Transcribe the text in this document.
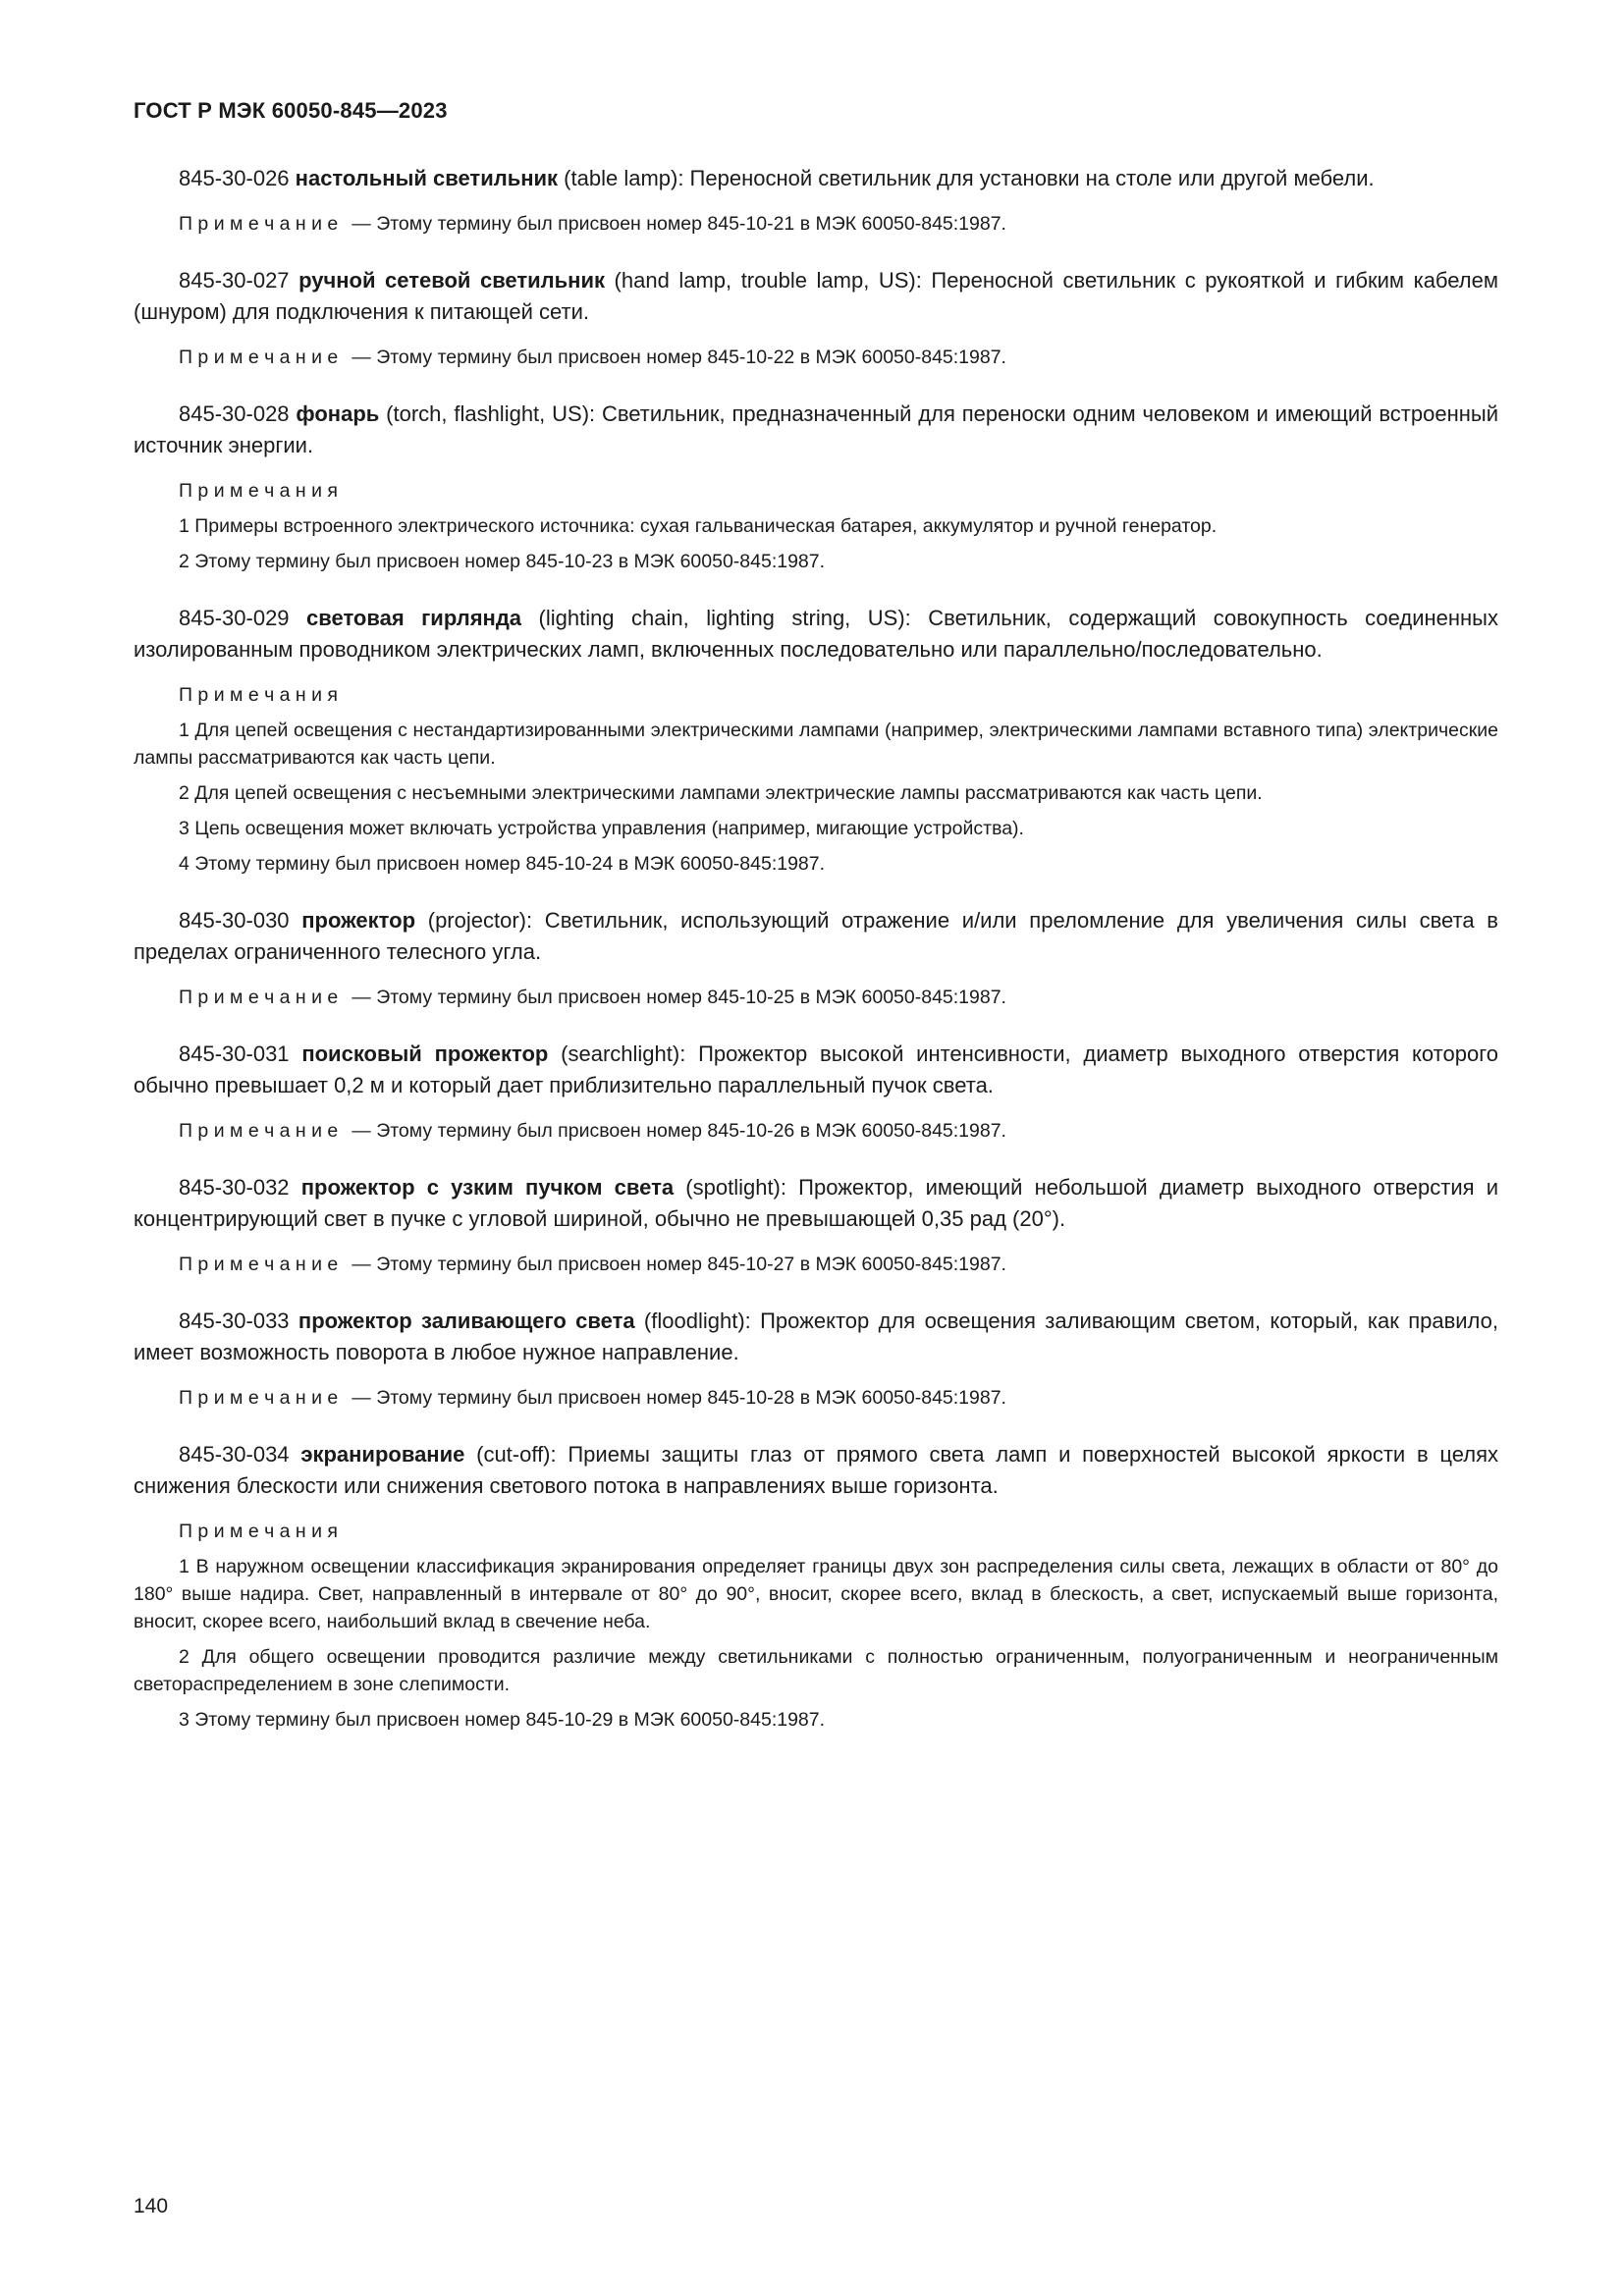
ГОСТ Р МЭК 60050-845—2023

845-30-026 настольный светильник (table lamp): Переносной светильник для установки на столе или другой мебели.

П р и м е ч а н и е — Этому термину был присвоен номер 845-10-21 в МЭК 60050-845:1987.

845-30-027 ручной сетевой светильник (hand lamp, trouble lamp, US): Переносной светильник с рукояткой и гибким кабелем (шнуром) для подключения к питающей сети.

П р и м е ч а н и е — Этому термину был присвоен номер 845-10-22 в МЭК 60050-845:1987.

845-30-028 фонарь (torch, flashlight, US): Светильник, предназначенный для переноски одним человеком и имеющий встроенный источник энергии.

П р и м е ч а н и я

1 Примеры встроенного электрического источника: сухая гальваническая батарея, аккумулятор и ручной генератор.

2 Этому термину был присвоен номер 845-10-23 в МЭК 60050-845:1987.

845-30-029 световая гирлянда (lighting chain, lighting string, US): Светильник, содержащий совокупность соединенных изолированным проводником электрических ламп, включенных последовательно или параллельно/последовательно.

П р и м е ч а н и я

1 Для цепей освещения с нестандартизированными электрическими лампами (например, электрическими лампами вставного типа) электрические лампы рассматриваются как часть цепи.

2 Для цепей освещения с несъемными электрическими лампами электрические лампы рассматриваются как часть цепи.

3 Цепь освещения может включать устройства управления (например, мигающие устройства).

4 Этому термину был присвоен номер 845-10-24 в МЭК 60050-845:1987.

845-30-030 прожектор (projector): Светильник, использующий отражение и/или преломление для увеличения силы света в пределах ограниченного телесного угла.

П р и м е ч а н и е — Этому термину был присвоен номер 845-10-25 в МЭК 60050-845:1987.

845-30-031 поисковый прожектор (searchlight): Прожектор высокой интенсивности, диаметр выходного отверстия которого обычно превышает 0,2 м и который дает приблизительно параллельный пучок света.

П р и м е ч а н и е — Этому термину был присвоен номер 845-10-26 в МЭК 60050-845:1987.

845-30-032 прожектор с узким пучком света (spotlight): Прожектор, имеющий небольшой диаметр выходного отверстия и концентрирующий свет в пучке с угловой шириной, обычно не превышающей 0,35 рад (20°).

П р и м е ч а н и е — Этому термину был присвоен номер 845-10-27 в МЭК 60050-845:1987.

845-30-033 прожектор заливающего света (floodlight): Прожектор для освещения заливающим светом, который, как правило, имеет возможность поворота в любое нужное направление.

П р и м е ч а н и е — Этому термину был присвоен номер 845-10-28 в МЭК 60050-845:1987.

845-30-034 экранирование (cut-off): Приемы защиты глаз от прямого света ламп и поверхностей высокой яркости в целях снижения блескости или снижения светового потока в направлениях выше горизонта.

П р и м е ч а н и я

1 В наружном освещении классификация экранирования определяет границы двух зон распределения силы света, лежащих в области от 80° до 180° выше надира. Свет, направленный в интервале от 80° до 90°, вносит, скорее всего, вклад в блескость, а свет, испускаемый выше горизонта, вносит, скорее всего, наибольший вклад в свечение неба.

2 Для общего освещении проводится различие между светильниками с полностью ограниченным, полуограниченным и неограниченным светораспределением в зоне слепимости.

3 Этому термину был присвоен номер 845-10-29 в МЭК 60050-845:1987.

140
